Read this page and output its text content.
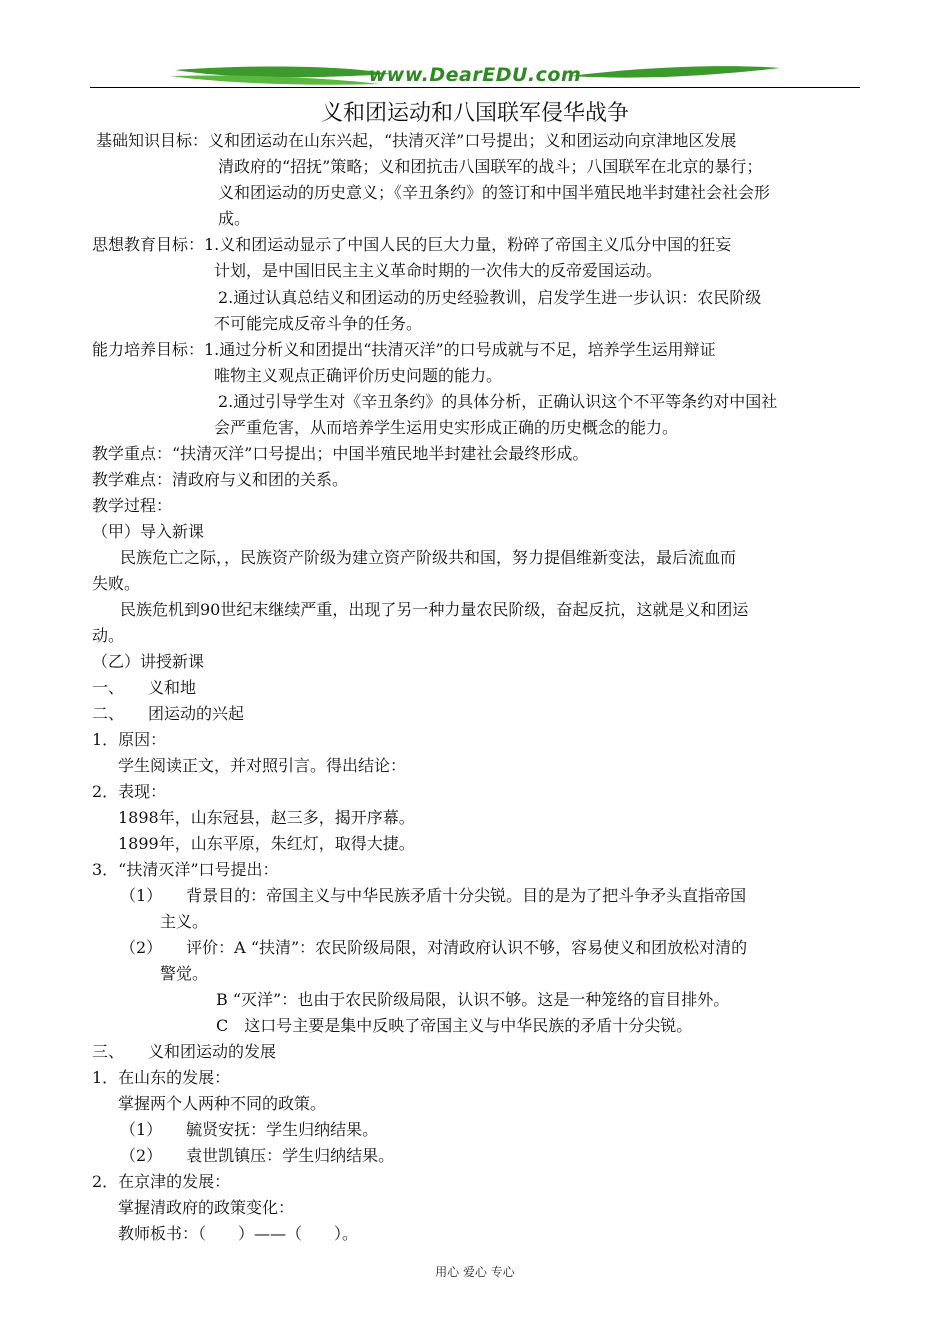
www.DearEDU.com
义和团运动和八国联军侵华战争
基础知识目标：义和团运动在山东兴起，“扶清灭洋”口号提出；义和团运动向京津地区发展
清政府的“招抚”策略；义和团抗击八国联军的战斗；八国联军在北京的暴行；
义和团运动的历史意义；《辛丑条约》的签订和中国半殖民地半封建社会社会形
成。
思想教育目标：1.义和团运动显示了中国人民的巨大力量，粉碎了帝国主义瓜分中国的狂妄
计划，是中国旧民主主义革命时期的一次伟大的反帝爱国运动。
2.通过认真总结义和团运动的历史经验教训，启发学生进一步认识：农民阶级
不可能完成反帝斗争的任务。
能力培养目标：1.通过分析义和团提出“扶清灭洋”的口号成就与不足，培养学生运用辩证
唯物主义观点正确评价历史问题的能力。
2.通过引导学生对《辛丑条约》的具体分析，正确认识这个不平等条约对中国社
会严重危害，从而培养学生运用史实形成正确的历史概念的能力。
教学重点：“扶清灭洋”口号提出；中国半殖民地半封建社会最终形成。
教学难点：清政府与义和团的关系。
教学过程：
（甲）导入新课
民族危亡之际，，民族资产阶级为建立资产阶级共和国，努力提倡维新变法，最后流血而
失败。
民族危机到90世纪末继续严重，出现了另一种力量农民阶级，奋起反抗，这就是义和团运
动。
（乙）讲授新课
一、　　义和地
二、　　团运动的兴起
1．原因：
学生阅读正文，并对照引言。得出结论：
2．表现：
1898年，山东冠县，赵三多，揭开序幕。
1899年，山东平原，朱红灯，取得大捷。
3．“扶清灭洋”口号提出：
（1）　　背景目的：帝国主义与中华民族矛盾十分尖锐。目的是为了把斗争矛头直指帝国
主义。
（2）　　评价：A “扶清”：农民阶级局限，对清政府认识不够，容易使义和团放松对清的
警觉。
B “灭洋”：也由于农民阶级局限，认识不够。这是一种笼络的盲目排外。
C　这口号主要是集中反映了帝国主义与中华民族的矛盾十分尖锐。
三、　　义和团运动的发展
1．在山东的发展：
掌握两个人两种不同的政策。
（1）　　毓贤安抚：学生归纳结果。
（2）　　袁世凯镇压：学生归纳结果。
2．在京津的发展：
掌握清政府的政策变化：
教师板书：（　　）——（　　）。
用心 爱心 专心
